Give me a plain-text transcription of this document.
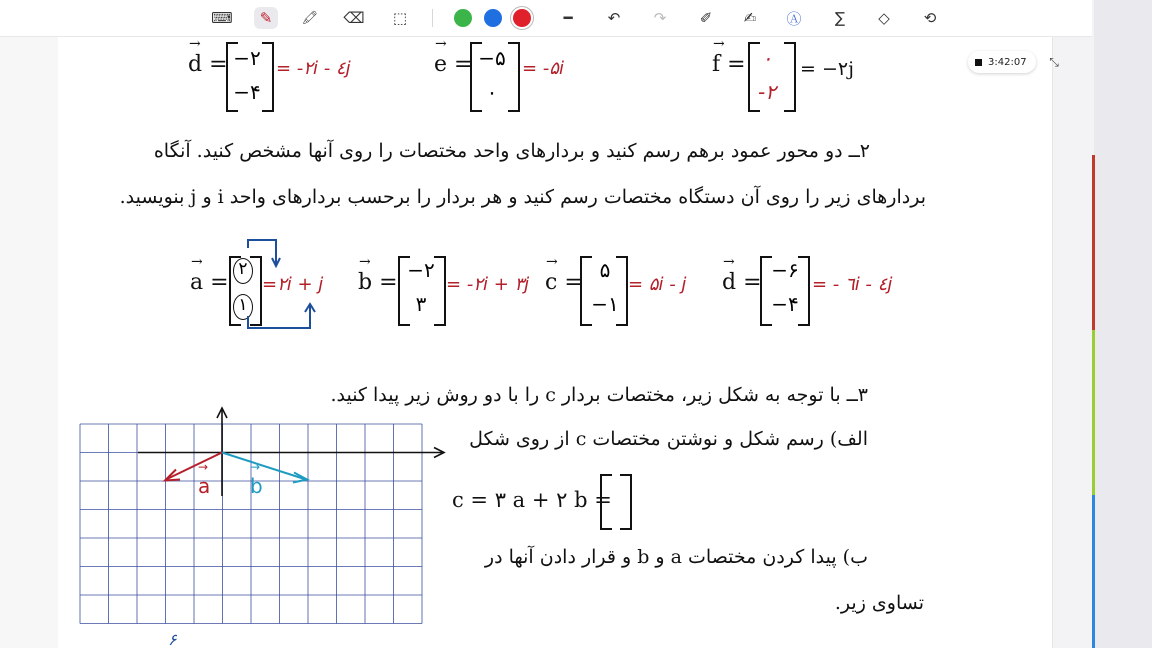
⌨ ✎ 🖍 ⌫ ⬚	━ ↶ ↷ ✐ ✍ Ⓐ ∑ ◇ ⟲
3:42:07	⤡
→
d = −۲
−۴
= -۲i - ٤j
→
e = −۵
۰
= -۵i
→
f = ۰
-۲
= −۲j
۲ــ دو محور عمود برهم رسم کنید و بردارهای واحد مختصات را روی آنها مشخص کنید. آنگاه
بردارهای زیر را روی آن دستگاه مختصات رسم کنید و هر بردار را برحسب بردارهای واحد i و j بنویسید.
→
a =
۲
۱
=۲i + j
→
b = −۲
۳
= -۲i + ۳j
→
c = ۵
−۱
= ۵i - j
→
d = −۶
−۴
= - ٦i - ٤j
۳ــ با توجه به شکل زیر، مختصات بردار c را با دو روش زیر پیدا کنید.
الف) رسم شکل و نوشتن مختصات c از روی شکل
c = ۳ a + ۲ b =
ب) پیدا کردن مختصات a و b و قرار دادن آنها در
تساوی زیر.
→
a
→
b
۶
